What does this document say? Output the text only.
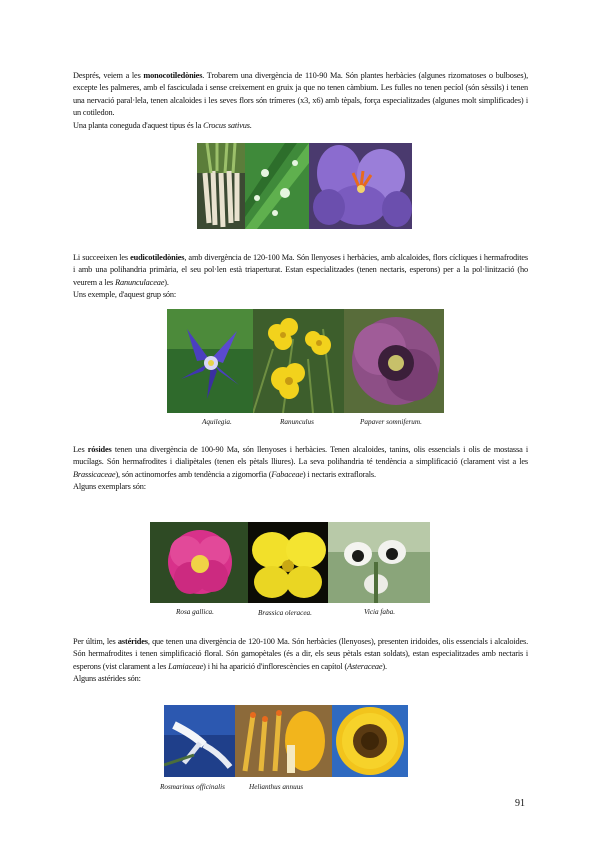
Després, veiem a les monocotiledònies. Trobarem una divergència de 110-90 Ma. Són plantes herbàcies (algunes rizomatoses o bulboses), excepte les palmeres, amb el fasciculada i sense creixement en gruix ja que no tenen càmbium. Les fulles no tenen pecíol (són sèssils) i tenen una nervació paral·lela, tenen alcaloides i les seves flors són trímeres (x3, x6) amb tèpals, força especialitzades (algunes molt simplificades) i un cotiledon.

Una planta coneguda d'aquest tipus és la Crocus sativus.

Li succeeixen les eudicotiledònies, amb divergència de 120-100 Ma. Són llenyoses i herbàcies, amb alcaloides, flors cícliques i hermafrodites i amb una polihandria primària, el seu pol·len està triaperturat. Estan especialitzades (tenen nectaris, esperons) per a la pol·linització (ho veurem a les Ranunculaceae).

Uns exemple, d'aquest grup són:

Aquilegia.	Ranunculus	Papaver somniferum.

Les rósides tenen una divergència de 100-90 Ma, són llenyoses i herbàcies. Tenen alcaloides, tanins, olis essencials i olis de mostassa i mucílags. Són hermafrodites i dialipètales (tenen els pètals lliures). La seva polihandria té tendència a simplificació (clarament vist a les Brassicaceae), són actinomorfes amb tendència a zigomorfia (Fabaceae) i nectaris extraflorals.

Alguns exemplars són:

Rosa gallica.	Brassica oleracea.	Vicia faba.

Per últim, les astérides, que tenen una divergència de 120-100 Ma. Són herbàcies (llenyoses), presenten iridoides, olis essencials i alcaloides. Són hermafrodites i tenen simplificació floral. Són gamopètales (és a dir, els seus pètals estan soldats), estan especialitzades amb nectaris i esperons (vist clarament a les Lamiaceae) i hi ha aparició d'inflorescències en capítol (Asteraceae).

Alguns astérides són:

Rosmarinus officinalis	Helianthus annuus
91
